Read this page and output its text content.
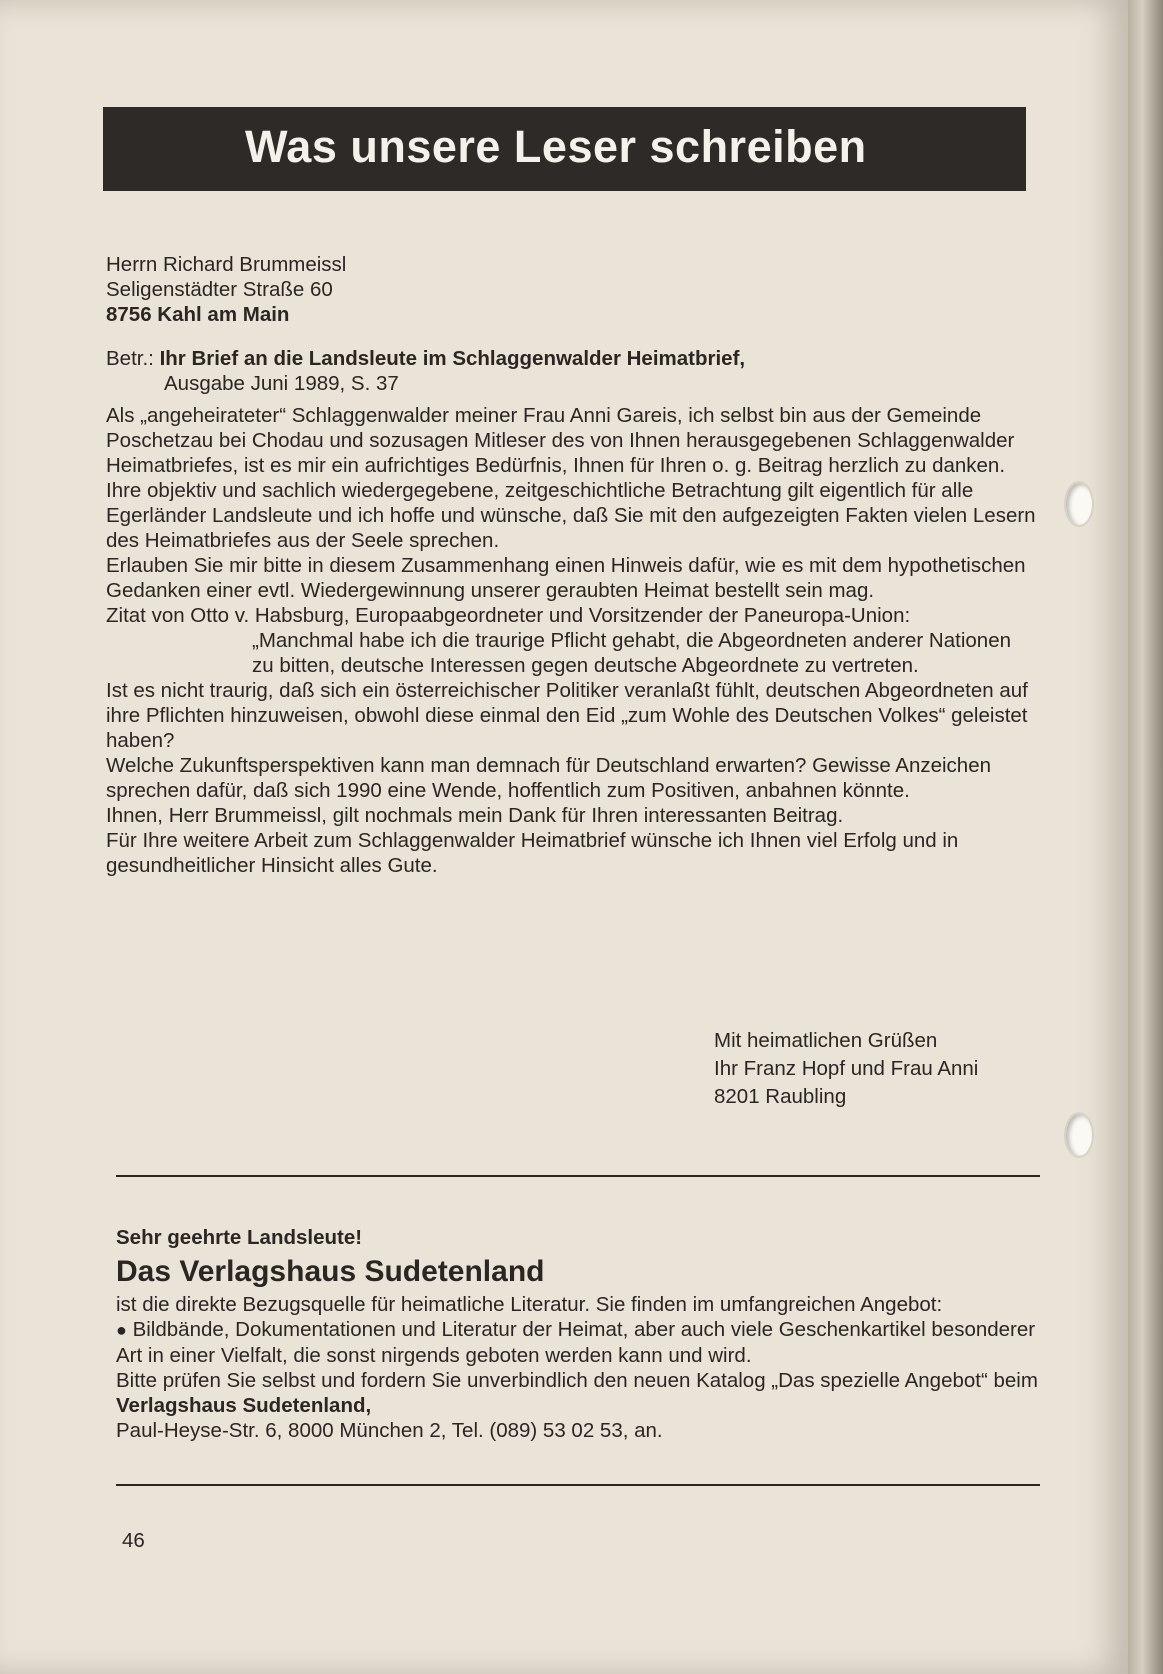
Was unsere Leser schreiben

Herrn Richard Brummeissl

Seligenstädter Straße 60

8756 Kahl am Main

Betr.: Ihr Brief an die Landsleute im Schlaggenwalder Heimatbrief,

Ausgabe Juni 1989, S. 37

Als „angeheirateter“ Schlaggenwalder meiner Frau Anni Gareis, ich selbst bin aus der Gemeinde Poschetzau bei Chodau und sozusagen Mitleser des von Ihnen herausgegebenen Schlaggenwalder Heimatbriefes, ist es mir ein aufrichtiges Bedürfnis, Ihnen für Ihren o. g. Beitrag herzlich zu danken.

Ihre objektiv und sachlich wiedergegebene, zeitgeschichtliche Betrachtung gilt eigentlich für alle Egerländer Landsleute und ich hoffe und wünsche, daß Sie mit den aufgezeigten Fakten vielen Lesern des Heimatbriefes aus der Seele sprechen.

Erlauben Sie mir bitte in diesem Zusammenhang einen Hinweis dafür, wie es mit dem hypothetischen Gedanken einer evtl. Wiedergewinnung unserer geraubten Heimat bestellt sein mag.

Zitat von Otto v. Habsburg, Europaabgeordneter und Vorsitzender der Paneuropa-Union:

„Manchmal habe ich die traurige Pflicht gehabt, die Abgeordneten anderer Nationen zu bitten, deutsche Interessen gegen deutsche Abgeordnete zu vertreten.

Ist es nicht traurig, daß sich ein österreichischer Politiker veranlaßt fühlt, deutschen Abgeordneten auf ihre Pflichten hinzuweisen, obwohl diese einmal den Eid „zum Wohle des Deutschen Volkes“ geleistet haben?

Welche Zukunftsperspektiven kann man demnach für Deutschland erwarten? Gewisse Anzeichen sprechen dafür, daß sich 1990 eine Wende, hoffentlich zum Positiven, anbahnen könnte.

Ihnen, Herr Brummeissl, gilt nochmals mein Dank für Ihren interessanten Beitrag.

Für Ihre weitere Arbeit zum Schlaggenwalder Heimatbrief wünsche ich Ihnen viel Erfolg und in gesundheitlicher Hinsicht alles Gute.

Mit heimatlichen Grüßen

Ihr Franz Hopf und Frau Anni

8201 Raubling

Sehr geehrte Landsleute!

Das Verlagshaus Sudetenland

ist die direkte Bezugsquelle für heimatliche Literatur. Sie finden im umfangreichen Angebot:

● Bildbände, Dokumentationen und Literatur der Heimat, aber auch viele Geschenkartikel besonderer Art in einer Vielfalt, die sonst nirgends geboten werden kann und wird.

Bitte prüfen Sie selbst und fordern Sie unverbindlich den neuen Katalog „Das spezielle Angebot“ beim Verlagshaus Sudetenland,

Paul-Heyse-Str. 6, 8000 München 2, Tel. (089) 53 02 53, an.

46
